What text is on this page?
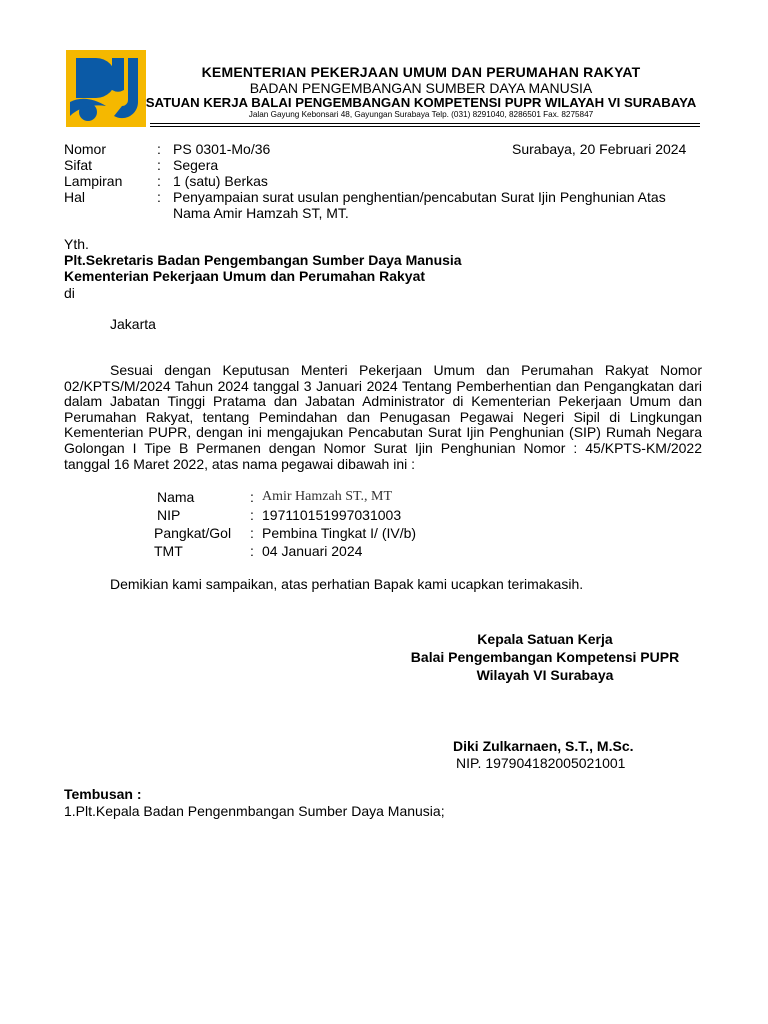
KEMENTERIAN PEKERJAAN UMUM DAN PERUMAHAN RAKYAT
BADAN PENGEMBANGAN SUMBER DAYA MANUSIA
SATUAN KERJA BALAI PENGEMBANGAN KOMPETENSI PUPR WILAYAH VI SURABAYA
Jalan Gayung Kebonsari 48, Gayungan Surabaya Telp. (031) 8291040, 8286501 Fax. 8275847
Nomor	: PS 0301-Mo/36	Surabaya, 20 Februari 2024
Sifat	: Segera
Lampiran : 1 (satu) Berkas
Hal	: Penyampaian surat usulan penghentian/pencabutan Surat Ijin Penghunian Atas
Nama Amir Hamzah ST, MT.
Yth.
Plt.Sekretaris Badan Pengembangan Sumber Daya Manusia
Kementerian Pekerjaan Umum dan Perumahan Rakyat
di
Jakarta
Sesuai dengan Keputusan Menteri Pekerjaan Umum dan Perumahan Rakyat Nomor 02/KPTS/M/2024 Tahun 2024 tanggal 3 Januari 2024 Tentang Pemberhentian dan Pengangkatan dari dalam Jabatan Tinggi Pratama dan Jabatan Administrator di Kementerian Pekerjaan Umum dan Perumahan Rakyat, tentang Pemindahan dan Penugasan Pegawai Negeri Sipil di Lingkungan Kementerian PUPR, dengan ini mengajukan Pencabutan Surat Ijin Penghunian (SIP) Rumah Negara Golongan I Tipe B Permanen dengan Nomor Surat Ijin Penghunian Nomor : 45/KPTS-KM/2022 tanggal 16 Maret 2022, atas nama pegawai dibawah ini :
Nama	: Amir Hamzah ST., MT
NIP	: 197110151997031003
Pangkat/Gol : Pembina Tingkat I/ (IV/b)
TMT	: 04 Januari 2024
Demikian kami sampaikan, atas perhatian Bapak kami ucapkan terimakasih.
Kepala Satuan Kerja
Balai Pengembangan Kompetensi PUPR
Wilayah VI Surabaya
Diki Zulkarnaen, S.T., M.Sc.
NIP. 197904182005021001
Tembusan :
1.Plt.Kepala Badan Pengenmbangan Sumber Daya Manusia;
